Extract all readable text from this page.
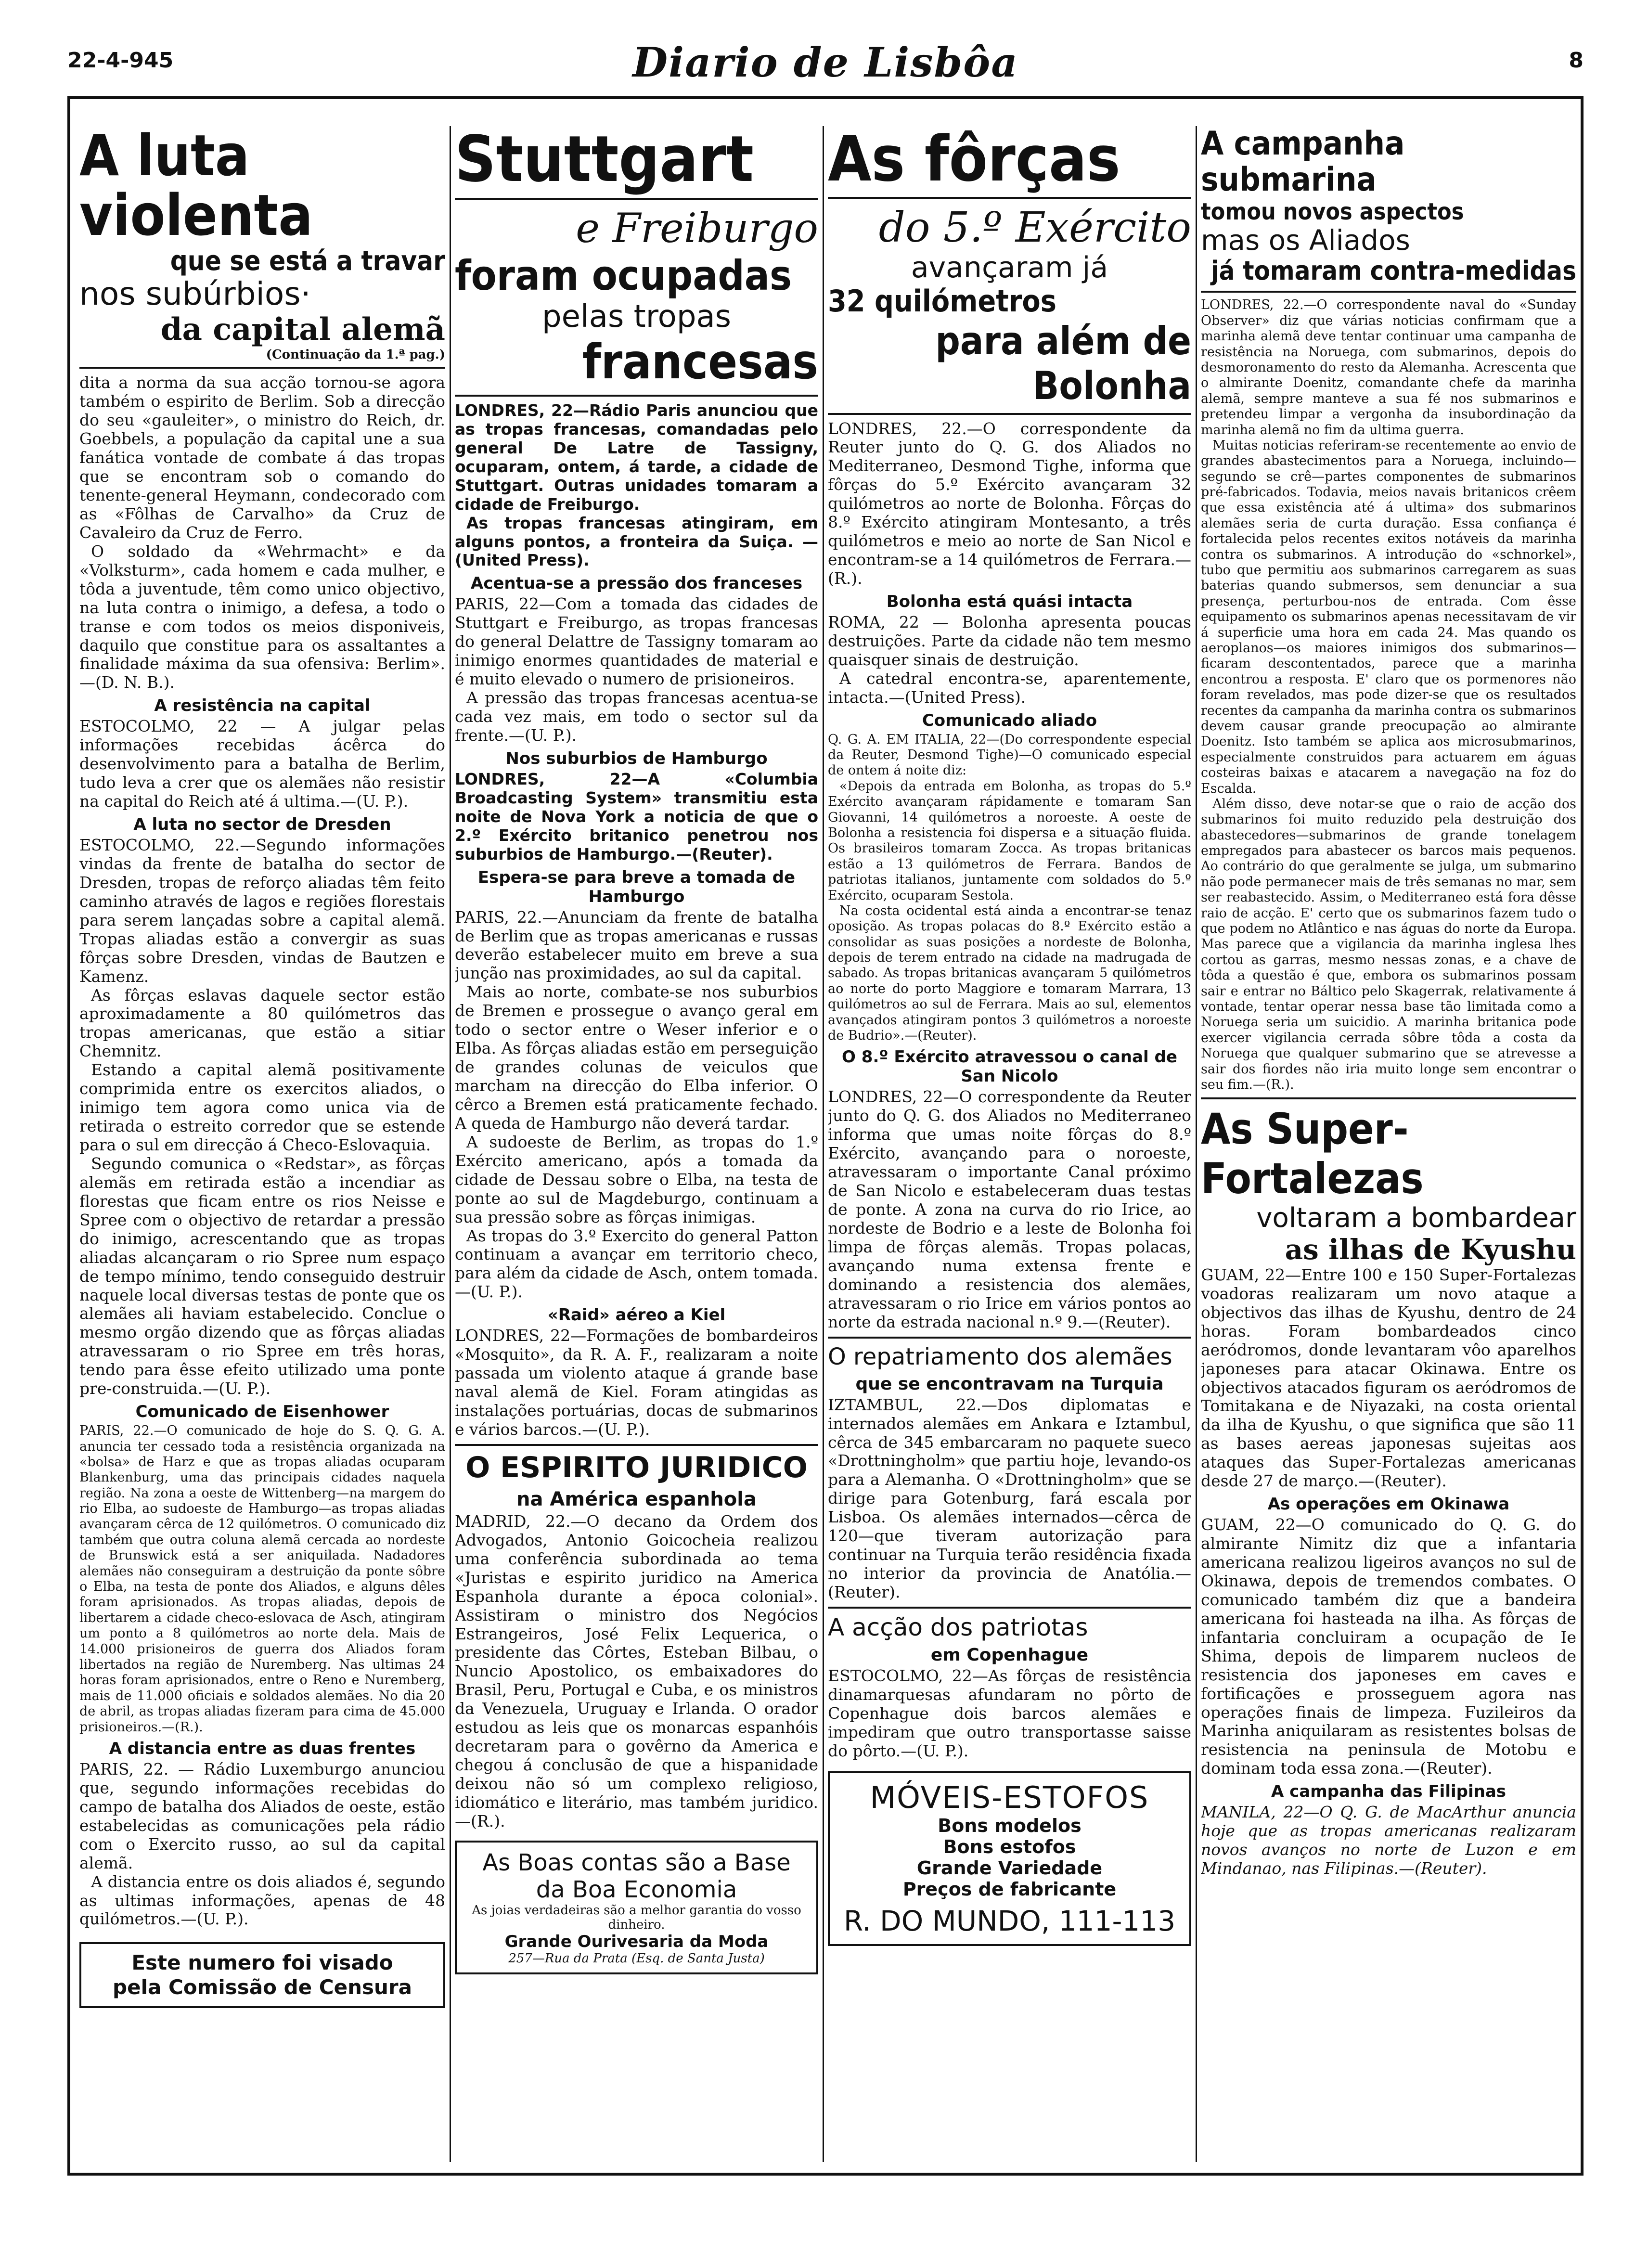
22-4-945	Diario de Lisbôa	8
A luta violenta
que se está a travar
nos subúrbios·
da capital alemã
(Continuação da 1.ª pag.)

dita a norma da sua acção tornou-se agora também o espirito de Berlim. Sob a direcção do seu «gauleiter», o ministro do Reich, dr. Goebbels, a população da capital une a sua fanática vontade de combate á das tropas que se encontram sob o comando do tenente-general Heymann, condecorado com as «Fôlhas de Carvalho» da Cruz de Cavaleiro da Cruz de Ferro.

O soldado da «Wehrmacht» e da «Volksturm», cada homem e cada mulher, e tôda a juventude, têm como unico objectivo, na luta contra o inimigo, a defesa, a todo o transe e com todos os meios disponiveis, daquilo que constitue para os assaltantes a finalidade máxima da sua ofensiva: Berlim».—(D. N. B.).

A resistência na capital

ESTOCOLMO, 22 — A julgar pelas informações recebidas ácêrca do desenvolvimento para a batalha de Berlim, tudo leva a crer que os alemães não resistir na capital do Reich até á ultima.—(U. P.).

A luta no sector de Dresden

ESTOCOLMO, 22.—Segundo informações vindas da frente de batalha do sector de Dresden, tropas de reforço aliadas têm feito caminho através de lagos e regiões florestais para serem lançadas sobre a capital alemã. Tropas aliadas estão a convergir as suas fôrças sobre Dresden, vindas de Bautzen e Kamenz.

As fôrças eslavas daquele sector estão aproximadamente a 80 quilómetros das tropas americanas, que estão a sitiar Chemnitz.

Estando a capital alemã positivamente comprimida entre os exercitos aliados, o inimigo tem agora como unica via de retirada o estreito corredor que se estende para o sul em direcção á Checo-Eslovaquia.

Segundo comunica o «Redstar», as fôrças alemãs em retirada estão a incendiar as florestas que ficam entre os rios Neisse e Spree com o objectivo de retardar a pressão do inimigo, acrescentando que as tropas aliadas alcançaram o rio Spree num espaço de tempo mínimo, tendo conseguido destruir naquele local diversas testas de ponte que os alemães ali haviam estabelecido. Conclue o mesmo orgão dizendo que as fôrças aliadas atravessaram o rio Spree em três horas, tendo para êsse efeito utilizado uma ponte pre-construida.—(U. P.).

Comunicado de Eisenhower

PARIS, 22.—O comunicado de hoje do S. Q. G. A. anuncia ter cessado toda a resistência organizada na «bolsa» de Harz e que as tropas aliadas ocuparam Blankenburg, uma das principais cidades naquela região. Na zona a oeste de Wittenberg—na margem do rio Elba, ao sudoeste de Hamburgo—as tropas aliadas avançaram cêrca de 12 quilómetros. O comunicado diz também que outra coluna alemã cercada ao nordeste de Brunswick está a ser aniquilada. Nadadores alemães não conseguiram a destruição da ponte sôbre o Elba, na testa de ponte dos Aliados, e alguns dêles foram aprisionados. As tropas aliadas, depois de libertarem a cidade checo-eslovaca de Asch, atingiram um ponto a 8 quilómetros ao norte dela. Mais de 14.000 prisioneiros de guerra dos Aliados foram libertados na região de Nuremberg. Nas ultimas 24 horas foram aprisionados, entre o Reno e Nuremberg, mais de 11.000 oficiais e soldados alemães. No dia 20 de abril, as tropas aliadas fizeram para cima de 45.000 prisioneiros.—(R.).

A distancia entre as duas frentes

PARIS, 22. — Rádio Luxemburgo anunciou que, segundo informações recebidas do campo de batalha dos Aliados de oeste, estão estabelecidas as comunicações pela rádio com o Exercito russo, ao sul da capital alemã.

A distancia entre os dois aliados é, segundo as ultimas informações, apenas de 48 quilómetros.—(U. P.).

Este numero foi visado
pela Comissão de Censura
Stuttgart
e Freiburgo
foram ocupadas
pelas tropas
francesas

LONDRES, 22—Rádio Paris anunciou que as tropas francesas, comandadas pelo general De Latre de Tassigny, ocuparam, ontem, á tarde, a cidade de Stuttgart. Outras unidades tomaram a cidade de Freiburgo.

As tropas francesas atingiram, em alguns pontos, a fronteira da Suiça. —(United Press).

Acentua-se a pressão dos franceses

PARIS, 22—Com a tomada das cidades de Stuttgart e Freiburgo, as tropas francesas do general Delattre de Tassigny tomaram ao inimigo enormes quantidades de material e é muito elevado o numero de prisioneiros.

A pressão das tropas francesas acentua-se cada vez mais, em todo o sector sul da frente.—(U. P.).

Nos suburbios de Hamburgo

LONDRES, 22—A «Columbia Broadcasting System» transmitiu esta noite de Nova York a noticia de que o 2.º Exército britanico penetrou nos suburbios de Hamburgo.—(Reuter).

Espera-se para breve a tomada de Hamburgo

PARIS, 22.—Anunciam da frente de batalha de Berlim que as tropas americanas e russas deverão estabelecer muito em breve a sua junção nas proximidades, ao sul da capital.

Mais ao norte, combate-se nos suburbios de Bremen e prossegue o avanço geral em todo o sector entre o Weser inferior e o Elba. As fôrças aliadas estão em perseguição de grandes colunas de veiculos que marcham na direcção do Elba inferior. O cêrco a Bremen está praticamente fechado. A queda de Hamburgo não deverá tardar.

A sudoeste de Berlim, as tropas do 1.º Exército americano, após a tomada da cidade de Dessau sobre o Elba, na testa de ponte ao sul de Magdeburgo, continuam a sua pressão sobre as fôrças inimigas.

As tropas do 3.º Exercito do general Patton continuam a avançar em territorio checo, para além da cidade de Asch, ontem tomada.—(U. P.).

«Raid» aéreo a Kiel

LONDRES, 22—Formações de bombardeiros «Mosquito», da R. A. F., realizaram a noite passada um violento ataque á grande base naval alemã de Kiel. Foram atingidas as instalações portuárias, docas de submarinos e vários barcos.—(U. P.).

O ESPIRITO JURIDICO
na América espanhola

MADRID, 22.—O decano da Ordem dos Advogados, Antonio Goicocheia realizou uma conferência subordinada ao tema «Juristas e espirito juridico na America Espanhola durante a época colonial». Assistiram o ministro dos Negócios Estrangeiros, José Felix Lequerica, o presidente das Côrtes, Esteban Bilbau, o Nuncio Apostolico, os embaixadores do Brasil, Peru, Portugal e Cuba, e os ministros da Venezuela, Uruguay e Irlanda. O orador estudou as leis que os monarcas espanhóis decretaram para o govêrno da America e chegou á conclusão de que a hispanidade deixou não só um complexo religioso, idiomático e literário, mas também juridico.—(R.).

As Boas contas são a Base
da Boa Economia
As joias verdadeiras são a melhor garantia do vosso dinheiro.
Grande Ourivesaria da Moda
257—Rua da Prata (Esq. de Santa Justa)
As fôrças
do 5.º Exército
avançaram já
32 quilómetros
para além de Bolonha

LONDRES, 22.—O correspondente da Reuter junto do Q. G. dos Aliados no Mediterraneo, Desmond Tighe, informa que fôrças do 5.º Exército avançaram 32 quilómetros ao norte de Bolonha. Fôrças do 8.º Exército atingiram Montesanto, a três quilómetros e meio ao norte de San Nicol e encontram-se a 14 quilómetros de Ferrara.—(R.).

Bolonha está quási intacta

ROMA, 22 — Bolonha apresenta poucas destruições. Parte da cidade não tem mesmo quaisquer sinais de destruição.

A catedral encontra-se, aparentemente, intacta.—(United Press).

Comunicado aliado

Q. G. A. EM ITALIA, 22—(Do correspondente especial da Reuter, Desmond Tighe)—O comunicado especial de ontem á noite diz:

«Depois da entrada em Bolonha, as tropas do 5.º Exército avançaram rápidamente e tomaram San Giovanni, 14 quilómetros a noroeste. A oeste de Bolonha a resistencia foi dispersa e a situação fluida. Os brasileiros tomaram Zocca. As tropas britanicas estão a 13 quilómetros de Ferrara. Bandos de patriotas italianos, juntamente com soldados do 5.º Exército, ocuparam Sestola.

Na costa ocidental está ainda a encontrar-se tenaz oposição. As tropas polacas do 8.º Exército estão a consolidar as suas posições a nordeste de Bolonha, depois de terem entrado na cidade na madrugada de sabado. As tropas britanicas avançaram 5 quilómetros ao norte do porto Maggiore e tomaram Marrara, 13 quilómetros ao sul de Ferrara. Mais ao sul, elementos avançados atingiram pontos 3 quilómetros a noroeste de Budrio».—(Reuter).

O 8.º Exército atravessou o canal de San Nicolo

LONDRES, 22—O correspondente da Reuter junto do Q. G. dos Aliados no Mediterraneo informa que umas noite fôrças do 8.º Exército, avançando para o noroeste, atravessaram o importante Canal próximo de San Nicolo e estabeleceram duas testas de ponte. A zona na curva do rio Irice, ao nordeste de Bodrio e a leste de Bolonha foi limpa de fôrças alemãs. Tropas polacas, avançando numa extensa frente e dominando a resistencia dos alemães, atravessaram o rio Irice em vários pontos ao norte da estrada nacional n.º 9.—(Reuter).

O repatriamento dos alemães
que se encontravam na Turquia

IZTAMBUL, 22.—Dos diplomatas e internados alemães em Ankara e Iztambul, cêrca de 345 embarcaram no paquete sueco «Drottningholm» que partiu hoje, levando-os para a Alemanha. O «Drottningholm» que se dirige para Gotenburg, fará escala por Lisboa. Os alemães internados—cêrca de 120—que tiveram autorização para continuar na Turquia terão residência fixada no interior da provincia de Anatólia.—(Reuter).

A acção dos patriotas
em Copenhague

ESTOCOLMO, 22—As fôrças de resistência dinamarquesas afundaram no pôrto de Copenhague dois barcos alemães e impediram que outro transportasse saisse do pôrto.—(U. P.).

MÓVEIS-ESTOFOS
Bons modelos
Bons estofos
Grande Variedade
Preços de fabricante
R. DO MUNDO, 111-113
A campanha submarina
tomou novos aspectos
mas os Aliados
já tomaram contra-medidas

LONDRES, 22.—O correspondente naval do «Sunday Observer» diz que várias noticias confirmam que a marinha alemã deve tentar continuar uma campanha de resistência na Noruega, com submarinos, depois do desmoronamento do resto da Alemanha. Acrescenta que o almirante Doenitz, comandante chefe da marinha alemã, sempre manteve a sua fé nos submarinos e pretendeu limpar a vergonha da insubordinação da marinha alemã no fim da ultima guerra.

Muitas noticias referiram-se recentemente ao envio de grandes abastecimentos para a Noruega, incluindo—segundo se crê—partes componentes de submarinos pré-fabricados. Todavia, meios navais britanicos crêem que essa existência até á ultima» dos submarinos alemães seria de curta duração. Essa confiança é fortalecida pelos recentes exitos notáveis da marinha contra os submarinos. A introdução do «schnorkel», tubo que permitiu aos submarinos carregarem as suas baterias quando submersos, sem denunciar a sua presença, perturbou-nos de entrada. Com êsse equipamento os submarinos apenas necessitavam de vir á superficie uma hora em cada 24. Mas quando os aeroplanos—os maiores inimigos dos submarinos—ficaram descontentados, parece que a marinha encontrou a resposta. E' claro que os pormenores não foram revelados, mas pode dizer-se que os resultados recentes da campanha da marinha contra os submarinos devem causar grande preocupação ao almirante Doenitz. Isto também se aplica aos microsubmarinos, especialmente construidos para actuarem em águas costeiras baixas e atacarem a navegação na foz do Escalda.

Além disso, deve notar-se que o raio de acção dos submarinos foi muito reduzido pela destruição dos abastecedores—submarinos de grande tonelagem empregados para abastecer os barcos mais pequenos. Ao contrário do que geralmente se julga, um submarino não pode permanecer mais de três semanas no mar, sem ser reabastecido. Assim, o Mediterraneo está fora dêsse raio de acção. E' certo que os submarinos fazem tudo o que podem no Atlântico e nas águas do norte da Europa. Mas parece que a vigilancia da marinha inglesa lhes cortou as garras, mesmo nessas zonas, e a chave de tôda a questão é que, embora os submarinos possam sair e entrar no Báltico pelo Skagerrak, relativamente á vontade, tentar operar nessa base tão limitada como a Noruega seria um suicidio. A marinha britanica pode exercer vigilancia cerrada sôbre tôda a costa da Noruega que qualquer submarino que se atrevesse a sair dos fiordes não iria muito longe sem encontrar o seu fim.—(R.).

As Super-Fortalezas
voltaram a bombardear
as ilhas de Kyushu

GUAM, 22—Entre 100 e 150 Super-Fortalezas voadoras realizaram um novo ataque a objectivos das ilhas de Kyushu, dentro de 24 horas. Foram bombardeados cinco aeródromos, donde levantaram vôo aparelhos japoneses para atacar Okinawa. Entre os objectivos atacados figuram os aeródromos de Tomitakana e de Niyazaki, na costa oriental da ilha de Kyushu, o que significa que são 11 as bases aereas japonesas sujeitas aos ataques das Super-Fortalezas americanas desde 27 de março.—(Reuter).

As operações em Okinawa

GUAM, 22—O comunicado do Q. G. do almirante Nimitz diz que a infantaria americana realizou ligeiros avanços no sul de Okinawa, depois de tremendos combates. O comunicado também diz que a bandeira americana foi hasteada na ilha. As fôrças de infantaria concluiram a ocupação de Ie Shima, depois de limparem nucleos de resistencia dos japoneses em caves e fortificações e prosseguem agora nas operações finais de limpeza. Fuzileiros da Marinha aniquilaram as resistentes bolsas de resistencia na peninsula de Motobu e dominam toda essa zona.—(Reuter).

A campanha das Filipinas

MANILA, 22—O Q. G. de MacArthur anuncia hoje que as tropas americanas realizaram novos avanços no norte de Luzon e em Mindanao, nas Filipinas.—(Reuter).
